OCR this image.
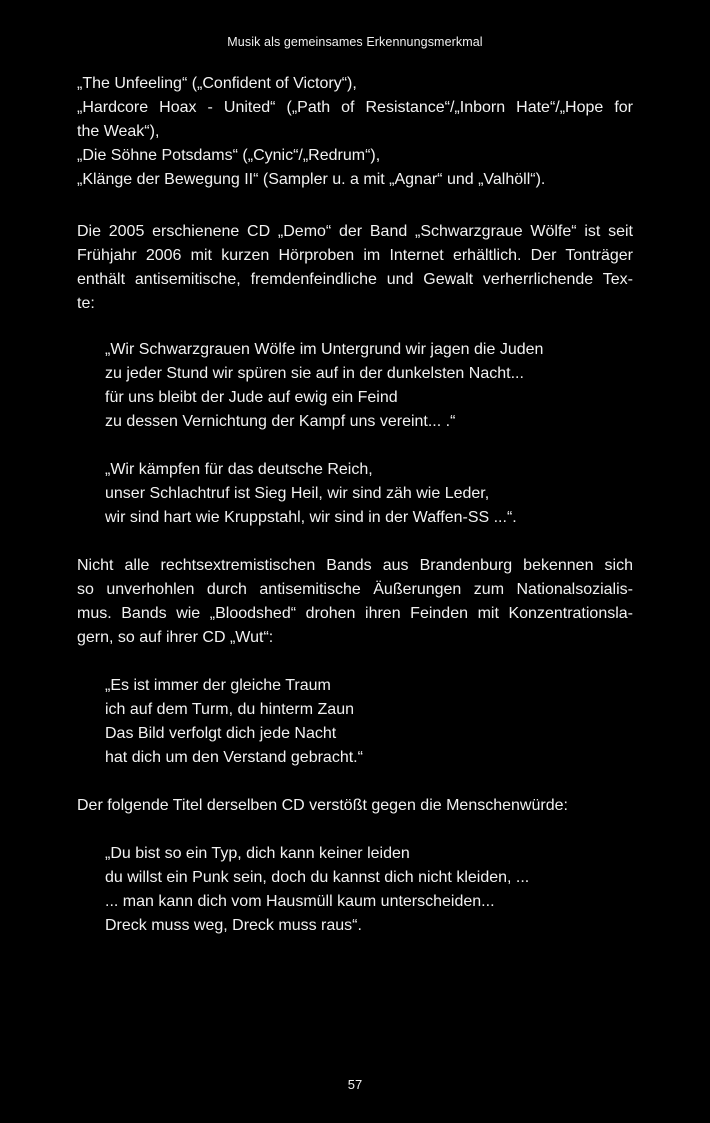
Musik als gemeinsames Erkennungsmerkmal
„The Unfeeling“ („Confident of Victory“),
„Hardcore Hoax - United“ („Path of Resistance“/„Inborn Hate“/„Hope for
the Weak“),
„Die Söhne Potsdams“ („Cynic“/„Redrum“),
„Klänge der Bewegung II“ (Sampler u. a mit „Agnar“ und „Valhöll“).
Die 2005 erschienene CD „Demo“ der Band „Schwarzgraue Wölfe“ ist seit
Frühjahr 2006 mit kurzen Hörproben im Internet erhältlich. Der Tonträger
enthält antisemitische, fremdenfeindliche und Gewalt verherrlichende Tex-
te:
„Wir Schwarzgrauen Wölfe im Untergrund wir jagen die Juden
zu jeder Stund wir spüren sie auf in der dunkelsten Nacht...
für uns bleibt der Jude auf ewig ein Feind
zu dessen Vernichtung der Kampf uns vereint... .“
„Wir kämpfen für das deutsche Reich,
unser Schlachtruf ist Sieg Heil, wir sind zäh wie Leder,
wir sind hart wie Kruppstahl, wir sind in der Waffen-SS ...“.
Nicht alle rechtsextremistischen Bands aus Brandenburg bekennen sich
so unverhohlen durch antisemitische Äußerungen zum Nationalsozialis-
mus. Bands wie „Bloodshed“ drohen ihren Feinden mit Konzentrationsla-
gern, so auf ihrer CD „Wut“:
„Es ist immer der gleiche Traum
ich auf dem Turm, du hinterm Zaun
Das Bild verfolgt dich jede Nacht
hat dich um den Verstand gebracht.“
Der folgende Titel derselben CD verstößt gegen die Menschenwürde:
„Du bist so ein Typ, dich kann keiner leiden
du willst ein Punk sein, doch du kannst dich nicht kleiden, ...
... man kann dich vom Hausmüll kaum unterscheiden...
Dreck muss weg, Dreck muss raus“.
57
